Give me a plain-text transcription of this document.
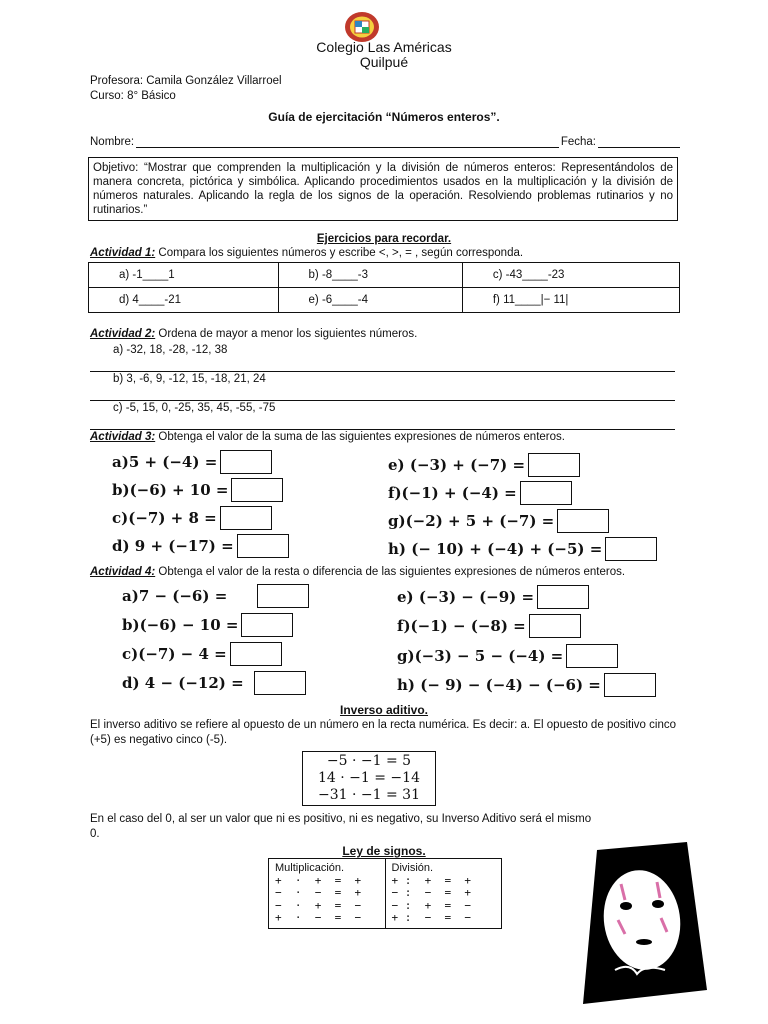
Colegio Las Américas
Quilpué
Profesora: Camila González Villarroel
Curso: 8° Básico
Guía de ejercitación “Números enteros”.
Nombre:	Fecha:
Objetivo: “Mostrar que comprenden la multiplicación y la división de números enteros: Representándolos de manera concreta, pictórica y simbólica. Aplicando procedimientos usados en la multiplicación y la división de números naturales. Aplicando la regla de los signos de la operación. Resolviendo problemas rutinarios y no rutinarios.”
Ejercicios para recordar.
Actividad 1: Compara los siguientes números y escribe <, >, = , según corresponda.
a) -1____1	b) -8____-3	c) -43____-23
d) 4____-21	e) -6____-4	f) 11____|− 11|
Actividad 2: Ordena de mayor a menor los siguientes números.
a) -32, 18, -28, -12, 38
b) 3, -6, 9, -12, 15, -18, 21, 24
c) -5, 15, 0, -25, 35, 45, -55, -75
Actividad 3: Obtenga el valor de la suma de las siguientes expresiones de números enteros.
a)5 + (−4) =
b)(−6) + 10 =
c)(−7) + 8 =
d) 9 + (−17) =
e) (−3) + (−7) =
f)(−1) + (−4) =
g)(−2) + 5 + (−7) =
h) (− 10) + (−4) + (−5) =
Actividad 4: Obtenga el valor de la resta o diferencia de las siguientes expresiones de números enteros.
a)7 − (−6) =
b)(−6) − 10 =
c)(−7) − 4 =
d) 4 − (−12) =
e) (−3) − (−9) =
f)(−1) − (−8) =
g)(−3) − 5 − (−4) =
h) (− 9) − (−4) − (−6) =
Inverso aditivo.
El inverso aditivo se refiere al opuesto de un número en la recta numérica. Es decir: a. El opuesto de positivo cinco (+5) es negativo cinco (-5).
−5 · −1 = 5
14 · −1 = −14
−31 · −1 = 31
En el caso del 0, al ser un valor que ni es positivo, ni es negativo, su Inverso Aditivo será el mismo 0.
Ley de signos.
Multiplicación.
+  ·  +  =  +
−  ·  −  =  +
−  ·  +  =  −
+  ·  −  =  −

División.
+ :  +  =  +
− :  −  =  +
− :  +  =  −
+ :  −  =  −
